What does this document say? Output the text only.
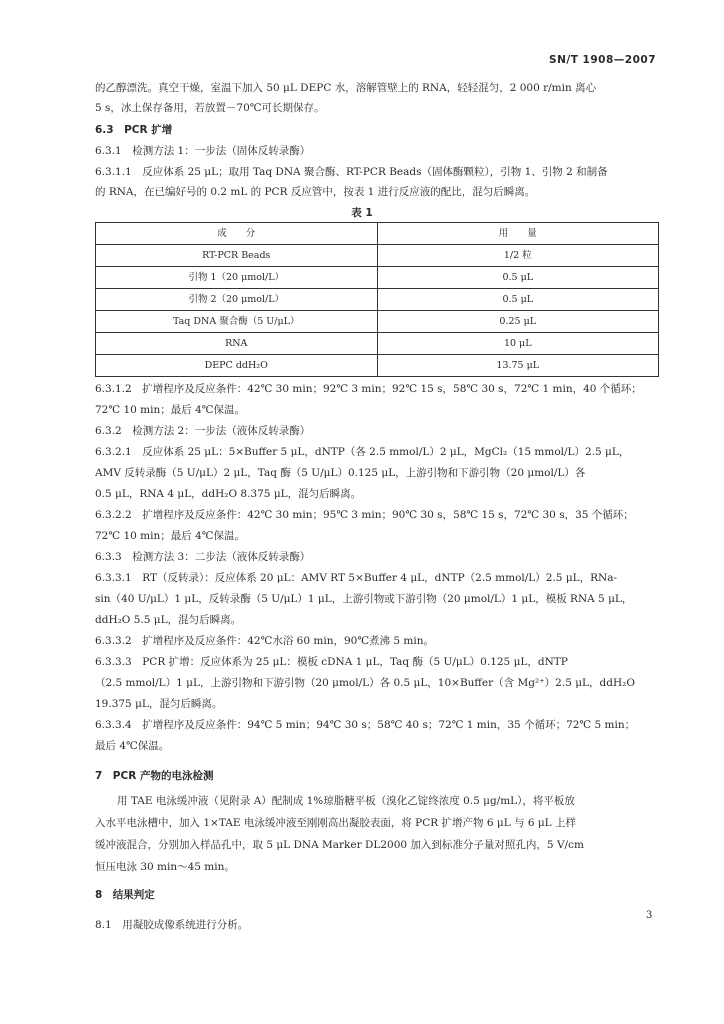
SN/T 1908—2007
的乙醇漂洗。真空干燥，室温下加入 50 μL DEPC 水，溶解管壁上的 RNA，轻轻混匀，2 000 r/min 离心
5 s，冰上保存备用，若放置－70℃可长期保存。
6.3　PCR 扩增
6.3.1　检测方法 1：一步法（固体反转录酶）
6.3.1.1　反应体系 25 μL；取用 Taq DNA 聚合酶、RT-PCR Beads（固体酶颗粒），引物 1、引物 2 和制备
的 RNA，在已编好号的 0.2 mL 的 PCR 反应管中，按表 1 进行反应液的配比，混匀后瞬离。
表 1
成　　分	用　　量
RT-PCR Beads	1/2 粒
引物 1（20 μmol/L）	0.5 μL
引物 2（20 μmol/L）	0.5 μL
Taq DNA 聚合酶（5 U/μL）	0.25 μL
RNA	10 μL
DEPC ddH₂O	13.75 μL
6.3.1.2　扩增程序及反应条件：42℃ 30 min；92℃ 3 min；92℃ 15 s，58℃ 30 s，72℃ 1 min，40 个循环；
72℃ 10 min；最后 4℃保温。
6.3.2　检测方法 2：一步法（液体反转录酶）
6.3.2.1　反应体系 25 μL：5×Buffer 5 μL，dNTP（各 2.5 mmol/L）2 μL，MgCl₂（15 mmol/L）2.5 μL，
AMV 反转录酶（5 U/μL）2 μL，Taq 酶（5 U/μL）0.125 μL，上游引物和下游引物（20 μmol/L）各
0.5 μL，RNA 4 μL，ddH₂O 8.375 μL，混匀后瞬离。
6.3.2.2　扩增程序及反应条件：42℃ 30 min；95℃ 3 min；90℃ 30 s，58℃ 15 s，72℃ 30 s，35 个循环；
72℃ 10 min；最后 4℃保温。
6.3.3　检测方法 3：二步法（液体反转录酶）
6.3.3.1　RT（反转录）：反应体系 20 μL：AMV RT 5×Buffer 4 μL，dNTP（2.5 mmol/L）2.5 μL，RNa-
sin（40 U/μL）1 μL，反转录酶（5 U/μL）1 μL，上游引物或下游引物（20 μmol/L）1 μL，模板 RNA 5 μL，
ddH₂O 5.5 μL，混匀后瞬离。
6.3.3.2　扩增程序及反应条件：42℃水浴 60 min，90℃煮沸 5 min。
6.3.3.3　PCR 扩增：反应体系为 25 μL：模板 cDNA 1 μL，Taq 酶（5 U/μL）0.125 μL，dNTP
（2.5 mmol/L）1 μL，上游引物和下游引物（20 μmol/L）各 0.5 μL，10×Buffer（含 Mg²⁺）2.5 μL，ddH₂O
19.375 μL，混匀后瞬离。
6.3.3.4　扩增程序及反应条件：94℃ 5 min；94℃ 30 s；58℃ 40 s；72℃ 1 min，35 个循环；72℃ 5 min；
最后 4℃保温。
7　PCR 产物的电泳检测
用 TAE 电泳缓冲液（见附录 A）配制成 1%琼脂糖平板（溴化乙锭终浓度 0.5 μg/mL），将平板放
入水平电泳槽中，加入 1×TAE 电泳缓冲液至刚刚高出凝胶表面，将 PCR 扩增产物 6 μL 与 6 μL 上样
缓冲液混合，分别加入样品孔中，取 5 μL DNA Marker DL2000 加入到标准分子量对照孔内，5 V/cm
恒压电泳 30 min～45 min。
8　结果判定
8.1　用凝胶成像系统进行分析。
3
